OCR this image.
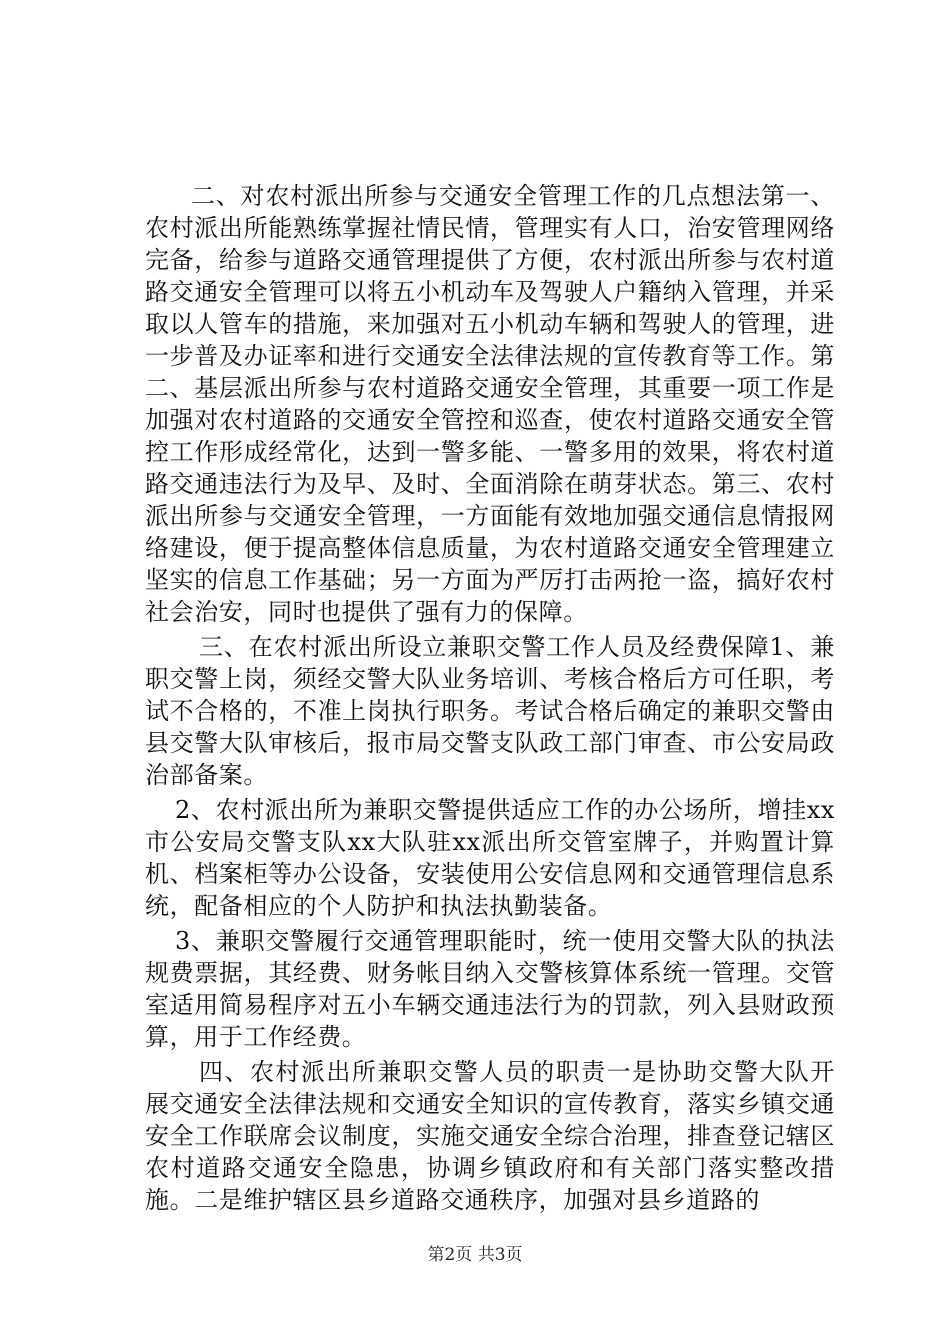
二、对农村派出所参与交通安全管理工作的几点想法第一、农村派出所能熟练掌握社情民情，管理实有人口，治安管理网络完备，给参与道路交通管理提供了方便，农村派出所参与农村道路交通安全管理可以将五小机动车及驾驶人户籍纳入管理，并采取以人管车的措施，来加强对五小机动车辆和驾驶人的管理，进一步普及办证率和进行交通安全法律法规的宣传教育等工作。第二、基层派出所参与农村道路交通安全管理，其重要一项工作是加强对农村道路的交通安全管控和巡查，使农村道路交通安全管控工作形成经常化，达到一警多能、一警多用的效果，将农村道路交通违法行为及早、及时、全面消除在萌芽状态。第三、农村派出所参与交通安全管理，一方面能有效地加强交通信息情报网络建设，便于提高整体信息质量，为农村道路交通安全管理建立坚实的信息工作基础；另一方面为严厉打击两抢一盗，搞好农村社会治安，同时也提供了强有力的保障。

三、在农村派出所设立兼职交警工作人员及经费保障1、兼职交警上岗，须经交警大队业务培训、考核合格后方可任职，考试不合格的，不准上岗执行职务。考试合格后确定的兼职交警由县交警大队审核后，报市局交警支队政工部门审查、市公安局政治部备案。

2、农村派出所为兼职交警提供适应工作的办公场所，增挂xx市公安局交警支队xx大队驻xx派出所交管室牌子，并购置计算机、档案柜等办公设备，安装使用公安信息网和交通管理信息系统，配备相应的个人防护和执法执勤装备。

3、兼职交警履行交通管理职能时，统一使用交警大队的执法规费票据，其经费、财务帐目纳入交警核算体系统一管理。交管室适用简易程序对五小车辆交通违法行为的罚款，列入县财政预算，用于工作经费。

四、农村派出所兼职交警人员的职责一是协助交警大队开展交通安全法律法规和交通安全知识的宣传教育，落实乡镇交通安全工作联席会议制度，实施交通安全综合治理，排查登记辖区农村道路交通安全隐患，协调乡镇政府和有关部门落实整改措施。二是维护辖区县乡道路交通秩序，加强对县乡道路的

第2页 共3页
